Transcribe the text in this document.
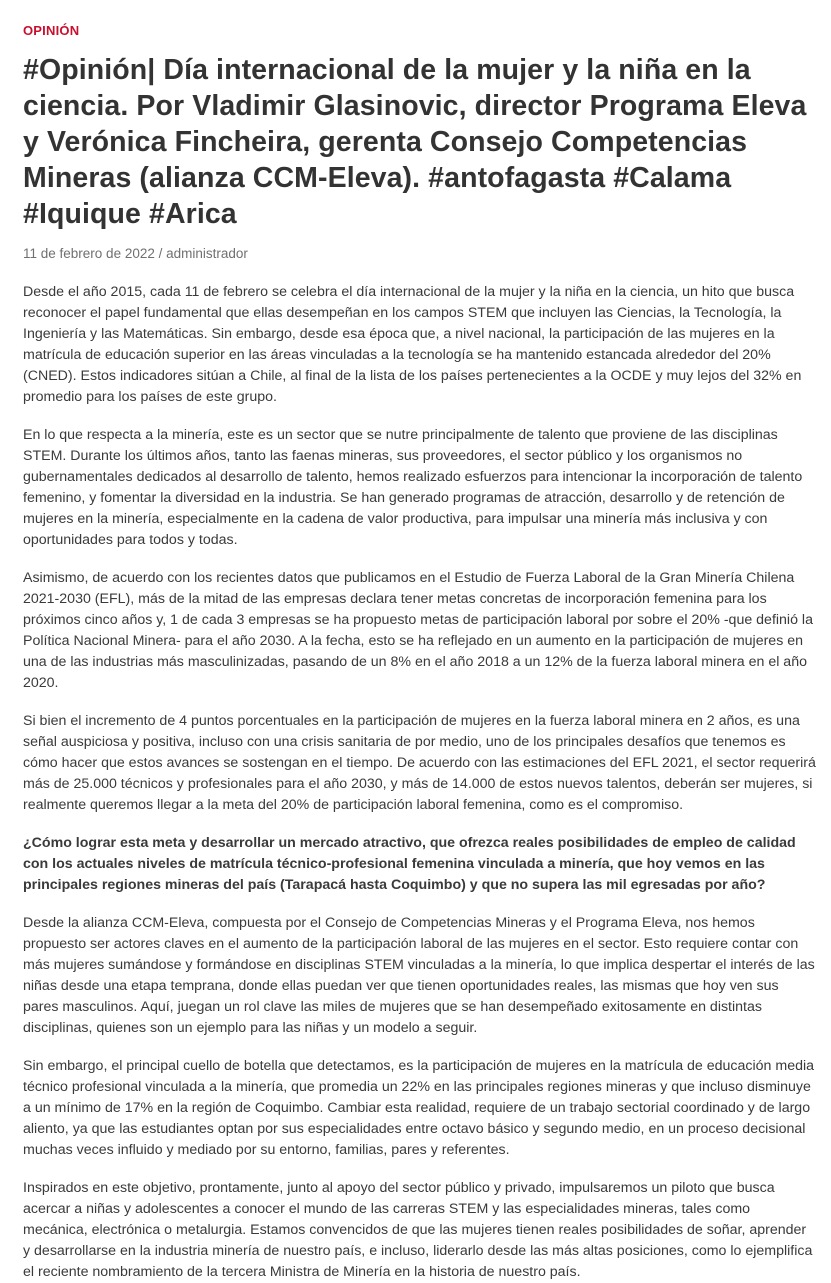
OPINIÓN
#Opinión| Día internacional de la mujer y la niña en la ciencia. Por Vladimir Glasinovic, director Programa Eleva y Verónica Fincheira, gerenta Consejo Competencias Mineras (alianza CCM-Eleva). #antofagasta #Calama #Iquique #Arica
11 de febrero de 2022 / administrador

Desde el año 2015, cada 11 de febrero se celebra el día internacional de la mujer y la niña en la ciencia, un hito que busca reconocer el papel fundamental que ellas desempeñan en los campos STEM que incluyen las Ciencias, la Tecnología, la Ingeniería y las Matemáticas. Sin embargo, desde esa época que, a nivel nacional, la participación de las mujeres en la matrícula de educación superior en las áreas vinculadas a la tecnología se ha mantenido estancada alrededor del 20% (CNED). Estos indicadores sitúan a Chile, al final de la lista de los países pertenecientes a la OCDE y muy lejos del 32% en promedio para los países de este grupo.

En lo que respecta a la minería, este es un sector que se nutre principalmente de talento que proviene de las disciplinas STEM. Durante los últimos años, tanto las faenas mineras, sus proveedores, el sector público y los organismos no gubernamentales dedicados al desarrollo de talento, hemos realizado esfuerzos para intencionar la incorporación de talento femenino, y fomentar la diversidad en la industria. Se han generado programas de atracción, desarrollo y de retención de mujeres en la minería, especialmente en la cadena de valor productiva, para impulsar una minería más inclusiva y con oportunidades para todos y todas.

Asimismo, de acuerdo con los recientes datos que publicamos en el Estudio de Fuerza Laboral de la Gran Minería Chilena 2021-2030 (EFL), más de la mitad de las empresas declara tener metas concretas de incorporación femenina para los próximos cinco años y, 1 de cada 3 empresas se ha propuesto metas de participación laboral por sobre el 20% -que definió la Política Nacional Minera- para el año 2030. A la fecha, esto se ha reflejado en un aumento en la participación de mujeres en una de las industrias más masculinizadas, pasando de un 8% en el año 2018 a un 12% de la fuerza laboral minera en el año 2020.

Si bien el incremento de 4 puntos porcentuales en la participación de mujeres en la fuerza laboral minera en 2 años, es una señal auspiciosa y positiva, incluso con una crisis sanitaria de por medio, uno de los principales desafíos que tenemos es cómo hacer que estos avances se sostengan en el tiempo. De acuerdo con las estimaciones del EFL 2021, el sector requerirá más de 25.000 técnicos y profesionales para el año 2030, y más de 14.000 de estos nuevos talentos, deberán ser mujeres, si realmente queremos llegar a la meta del 20% de participación laboral femenina, como es el compromiso.

¿Cómo lograr esta meta y desarrollar un mercado atractivo, que ofrezca reales posibilidades de empleo de calidad con los actuales niveles de matrícula técnico-profesional femenina vinculada a minería, que hoy vemos en las principales regiones mineras del país (Tarapacá hasta Coquimbo) y que no supera las mil egresadas por año?

Desde la alianza CCM-Eleva, compuesta por el Consejo de Competencias Mineras y el Programa Eleva, nos hemos propuesto ser actores claves en el aumento de la participación laboral de las mujeres en el sector. Esto requiere contar con más mujeres sumándose y formándose en disciplinas STEM vinculadas a la minería, lo que implica despertar el interés de las niñas desde una etapa temprana, donde ellas puedan ver que tienen oportunidades reales, las mismas que hoy ven sus pares masculinos. Aquí, juegan un rol clave las miles de mujeres que se han desempeñado exitosamente en distintas disciplinas, quienes son un ejemplo para las niñas y un modelo a seguir.

Sin embargo, el principal cuello de botella que detectamos, es la participación de mujeres en la matrícula de educación media técnico profesional vinculada a la minería, que promedia un 22% en las principales regiones mineras y que incluso disminuye a un mínimo de 17% en la región de Coquimbo. Cambiar esta realidad, requiere de un trabajo sectorial coordinado y de largo aliento, ya que las estudiantes optan por sus especialidades entre octavo básico y segundo medio, en un proceso decisional muchas veces influido y mediado por su entorno, familias, pares y referentes.

Inspirados en este objetivo, prontamente, junto al apoyo del sector público y privado, impulsaremos un piloto que busca acercar a niñas y adolescentes a conocer el mundo de las carreras STEM y las especialidades mineras, tales como mecánica, electrónica o metalurgia. Estamos convencidos de que las mujeres tienen reales posibilidades de soñar, aprender y desarrollarse en la industria minería de nuestro país, e incluso, liderarlo desde las más altas posiciones, como lo ejemplifica el reciente nombramiento de la tercera Ministra de Minería en la historia de nuestro país.
